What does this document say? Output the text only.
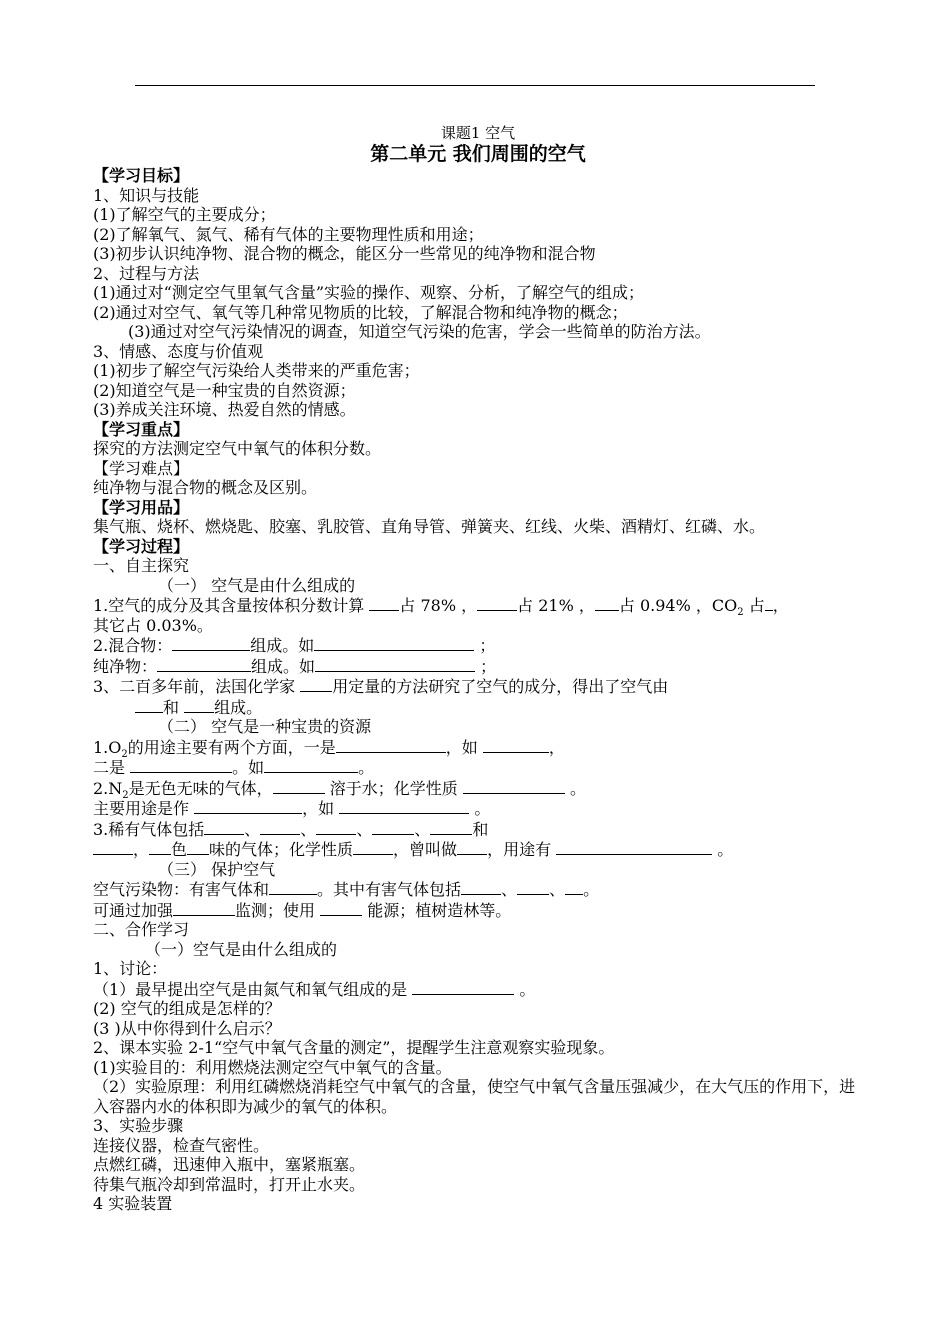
课题1 空气
第二单元 我们周围的空气
【学习目标】
1、知识与技能
(1)了解空气的主要成分；
(2)了解氧气、氮气、稀有气体的主要物理性质和用途；
(3)初步认识纯净物、混合物的概念，能区分一些常见的纯净物和混合物
2、过程与方法
(1)通过对“测定空气里氧气含量”实验的操作、观察、分析，了解空气的组成；
(2)通过对空气、氧气等几种常见物质的比较，了解混合物和纯净物的概念；
(3)通过对空气污染情况的调查，知道空气污染的危害，学会一些简单的防治方法。
3、情感、态度与价值观
(1)初步了解空气污染给人类带来的严重危害；
(2)知道空气是一种宝贵的自然资源；
(3)养成关注环境、热爱自然的情感。
【学习重点】
探究的方法测定空气中氧气的体积分数。
【学习难点】
纯净物与混合物的概念及区别。
【学习用品】
集气瓶、烧杯、燃烧匙、胶塞、乳胶管、直角导管、弹簧夹、红线、火柴、酒精灯、红磷、水。
【学习过程】
一、自主探究
（一） 空气是由什么组成的
1.空气的成分及其含量按体积分数计算 占 78% ，	占 21% ， 占 0.94% ，$CO_2$ 占 ，
其它占 0.03%。
2.混合物：	组成。如	；
纯净物：	组成。如	；
3、二百多年前，法国化学家 用定量的方法研究了空气的成分，得出了空气由
和 组成。
（二） 空气是一种宝贵的资源
$1.O_2$的用途主要有两个方面，一是	，如	，
二是	。如	。
$2.N_2$是无色无味的气体，	溶于水；化学性质	。
主要用途是作	，如	。
3.稀有气体包括	、	、	、	、	和
， 色 味的气体；化学性质	，曾叫做 ，用途有	。
（三） 保护空气
空气污染物：有害气体和	。其中有害气体包括	、 、 。
可通过加强	监测；使用	能源；植树造林等。
二、合作学习
（一）空气是由什么组成的
1、讨论：
（1）最早提出空气是由氮气和氧气组成的是	。
(2) 空气的组成是怎样的？
(3 )从中你得到什么启示？
2、课本实验 2-1“空气中氧气含量的测定”，提醒学生注意观察实验现象。
(1)实验目的：利用燃烧法测定空气中氧气的含量。
（2）实验原理：利用红磷燃烧消耗空气中氧气的含量，使空气中氧气含量压强减少，在大气压的作用下，进入容器内水的体积即为减少的氧气的体积。
3、实验步骤
连接仪器，检查气密性。
点燃红磷，迅速伸入瓶中，塞紧瓶塞。
待集气瓶冷却到常温时，打开止水夹。
4 实验装置
